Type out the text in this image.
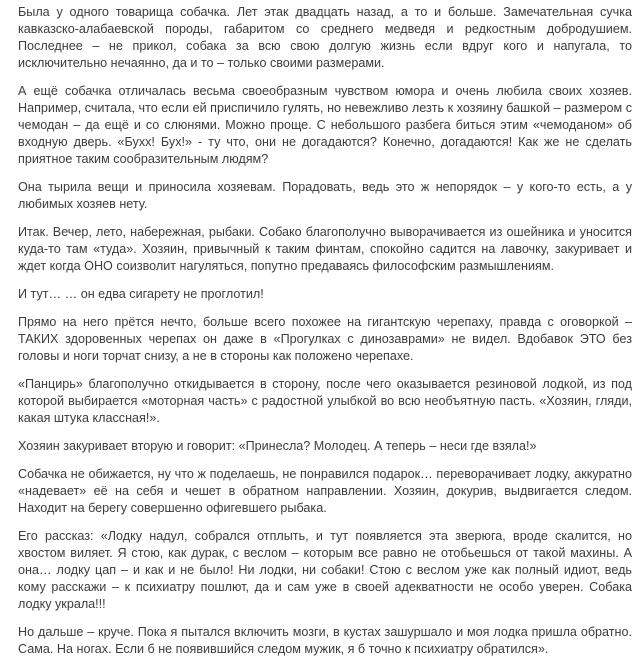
Была у одного товарища собачка. Лет этак двадцать назад, а то и больше. Замечательная сучка кавказско-алабаевской породы, габаритом со среднего медведя и редкостным добродушием. Последнее – не прикол, собака за всю свою долгую жизнь если вдруг кого и напугала, то исключительно нечаянно, да и то – только своими размерами.

А ещё собачка отличалась весьма своеобразным чувством юмора и очень любила своих хозяев. Например, считала, что если ей приспичило гулять, но невежливо лезть к хозяину башкой – размером с чемодан – да ещё и со слюнями. Можно проще. С небольшого разбега биться этим «чемоданом» об входную дверь. «Бухх! Бух!» - ту что, они не догадаются? Конечно, догадаются! Как же не сделать приятное таким сообразительным людям?

Она тырила вещи и приносила хозяевам. Порадовать, ведь это ж непорядок – у кого-то есть, а у любимых хозяев нету.

Итак. Вечер, лето, набережная, рыбаки. Собако благополучно выворачивается из ошейника и уносится куда-то там «туда». Хозяин, привычный к таким финтам, спокойно садится на лавочку, закуривает и ждет когда ОНО соизволит нагуляться, попутно предаваясь философским размышлениям.

И тут… … он едва сигарету не проглотил!

Прямо на него прётся нечто, больше всего похожее на гигантскую черепаху, правда с оговоркой – ТАКИХ здоровенных черепах он даже в «Прогулках с динозаврами» не видел. Вдобавок ЭТО без головы и ноги торчат снизу, а не в стороны как положено черепахе.

«Панцирь» благополучно откидывается в сторону, после чего оказывается резиновой лодкой, из под которой выбирается «моторная часть» с радостной улыбкой во всю необъятную пасть. «Хозяин, гляди, какая штука классная!».

Хозяин закуривает вторую и говорит: «Принесла? Молодец. А теперь – неси где взяла!»

Собачка не обижается, ну что ж поделаешь, не понравился подарок… переворачивает лодку, аккуратно «надевает» её на себя и чешет в обратном направлении. Хозяин, докурив, выдвигается следом. Находит на берегу совершенно офигевшего рыбака.

Его рассказ: «Лодку надул, собрался отплыть, и тут появляется эта зверюга, вроде скалится, но хвостом виляет. Я стою, как дурак, с веслом – которым все равно не отобьешься от такой махины. А она… лодку цап – и как и не было! Ни лодки, ни собаки! Стою с веслом уже как полный идиот, ведь кому расскажи – к психиатру пошлют, да и сам уже в своей адекватности не особо уверен. Собака лодку украла!!!

Но дальше – круче. Пока я пытался включить мозги, в кустах зашуршало и моя лодка пришла обратно. Сама. На ногах. Если б не появившийся следом мужик, я б точно к психиатру обратился».
